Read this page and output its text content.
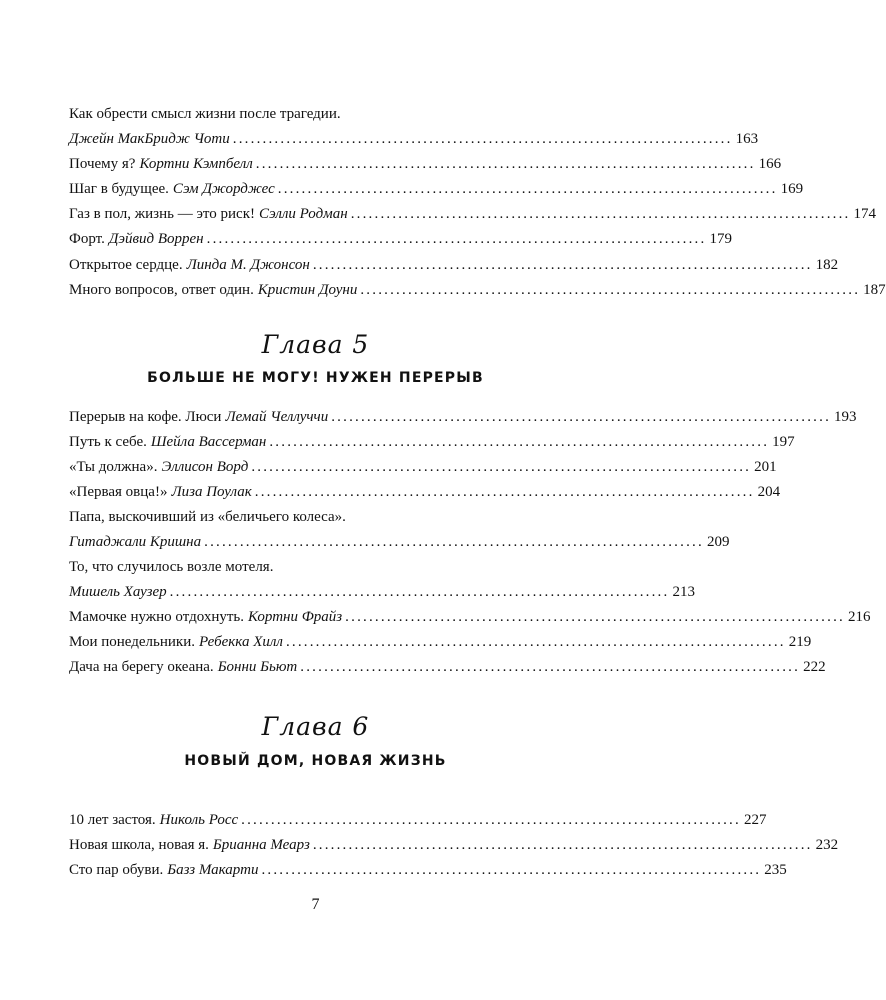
Как обрести смысл жизни после трагедии.
Джейн МакБридж Чоти .................................................................................... 163
Почему я? Кортни Кэмпбелл .................................................................................... 166
Шаг в будущее. Сэм Джорджес .................................................................................... 169
Газ в пол, жизнь — это риск! Сэлли Родман .................................................................................... 174
Форт. Дэйвид Воррен .................................................................................... 179
Открытое сердце. Линда М. Джонсон .................................................................................... 182
Много вопросов, ответ один. Кристин Доуни .................................................................................... 187
Глава 5
БОЛЬШЕ НЕ МОГУ! НУЖЕН ПЕРЕРЫВ
Перерыв на кофе. Люси Лемай Челлуччи .................................................................................... 193
Путь к себе. Шейла Вассерман .................................................................................... 197
«Ты должна». Эллисон Ворд .................................................................................... 201
«Первая овца!» Лиза Поулак .................................................................................... 204
Папа, выскочивший из «беличьего колеса».
Гитаджали Кришна .................................................................................... 209
То, что случилось возле мотеля.
Мишель Хаузер .................................................................................... 213
Мамочке нужно отдохнуть. Кортни Фрайз .................................................................................... 216
Мои понедельники. Ребекка Хилл .................................................................................... 219
Дача на берегу океана. Бонни Бьют .................................................................................... 222
Глава 6
НОВЫЙ ДОМ, НОВАЯ ЖИЗНЬ
10 лет застоя. Николь Росс .................................................................................... 227
Новая школа, новая я. Брианна Меарз .................................................................................... 232
Сто пар обуви. Базз Макарти .................................................................................... 235
7
